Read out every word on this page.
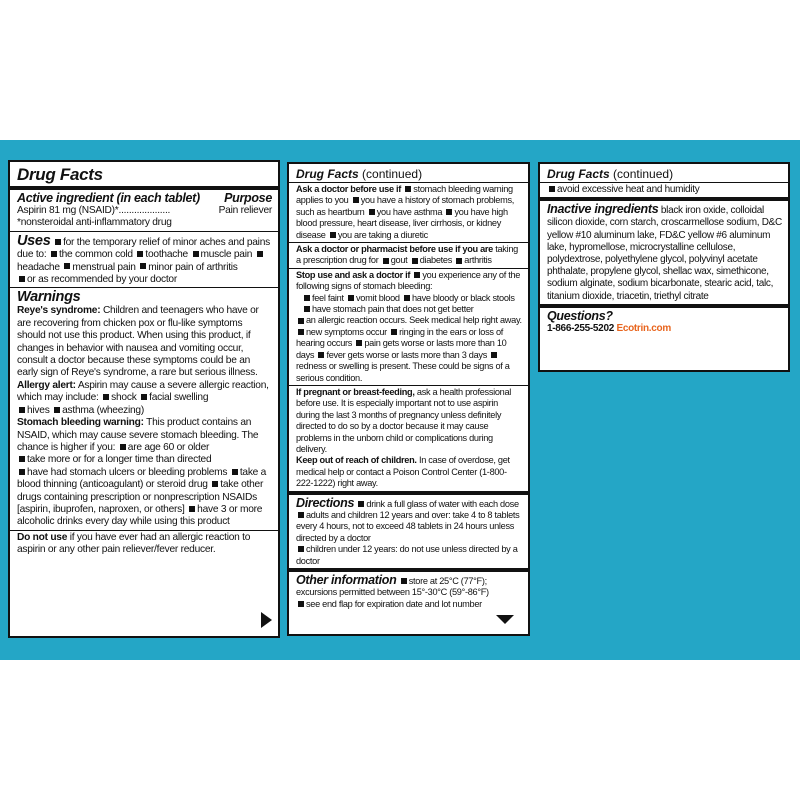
Drug Facts
Active ingredient (in each tablet) Purpose
Aspirin 81 mg (NSAID)*....................	Pain reliever
*nonsteroidal anti-inflammatory drug
Uses for the temporary relief of minor aches and pains due to: the common cold toothache muscle pain headache menstrual pain minor pain of arthritis
or as recommended by your doctor
Warnings
Reye's syndrome: Children and teenagers who have or are recovering from chicken pox or flu-like symptoms should not use this product. When using this product, if changes in behavior with nausea and vomiting occur, consult a doctor because these symptoms could be an early sign of Reye's syndrome, a rare but serious illness.
Allergy alert: Aspirin may cause a severe allergic reaction, which may include: shock facial swelling
hives asthma (wheezing)
Stomach bleeding warning: This product contains an NSAID, which may cause severe stomach bleeding. The chance is higher if you: are age 60 or older
take more or for a longer time than directed
have had stomach ulcers or bleeding problems take a blood thinning (anticoagulant) or steroid drug take other drugs containing prescription or nonprescription NSAIDs [aspirin, ibuprofen, naproxen, or others] have 3 or more alcoholic drinks every day while using this product
Do not use if you have ever had an allergic reaction to aspirin or any other pain reliever/fever reducer.
Drug Facts (continued)
Ask a doctor before use if stomach bleeding warning applies to you you have a history of stomach problems, such as heartburn you have asthma you have high blood pressure, heart disease, liver cirrhosis, or kidney disease you are taking a diuretic
Ask a doctor or pharmacist before use if you are taking a prescription drug for gout diabetes arthritis
Stop use and ask a doctor if you experience any of the following signs of stomach bleeding:
feel faint vomit blood have bloody or black stools have stomach pain that does not get better
an allergic reaction occurs. Seek medical help right away.
new symptoms occur ringing in the ears or loss of hearing occurs pain gets worse or lasts more than 10 days fever gets worse or lasts more than 3 days redness or swelling is present. These could be signs of a serious condition.
If pregnant or breast-feeding, ask a health professional before use. It is especially important not to use aspirin during the last 3 months of pregnancy unless definitely directed to do so by a doctor because it may cause problems in the unborn child or complications during delivery.
Keep out of reach of children. In case of overdose, get medical help or contact a Poison Control Center (1-800-222-1222) right away.
Directions drink a full glass of water with each dose
adults and children 12 years and over: take 4 to 8 tablets every 4 hours, not to exceed 48 tablets in 24 hours unless directed by a doctor
children under 12 years: do not use unless directed by a doctor
Other information store at 25°C (77°F); excursions permitted between 15°-30°C (59°-86°F)
see end flap for expiration date and lot number
Drug Facts (continued)
avoid excessive heat and humidity
Inactive ingredients black iron oxide, colloidal silicon dioxide, corn starch, croscarmellose sodium, D&C yellow #10 aluminum lake, FD&C yellow #6 aluminum lake, hypromellose, microcrystalline cellulose, polydextrose, polyethylene glycol, polyvinyl acetate phthalate, propylene glycol, shellac wax, simethicone, sodium alginate, sodium bicarbonate, stearic acid, talc, titanium dioxide, triacetin, triethyl citrate
Questions?
1-866-255-5202 Ecotrin.com
